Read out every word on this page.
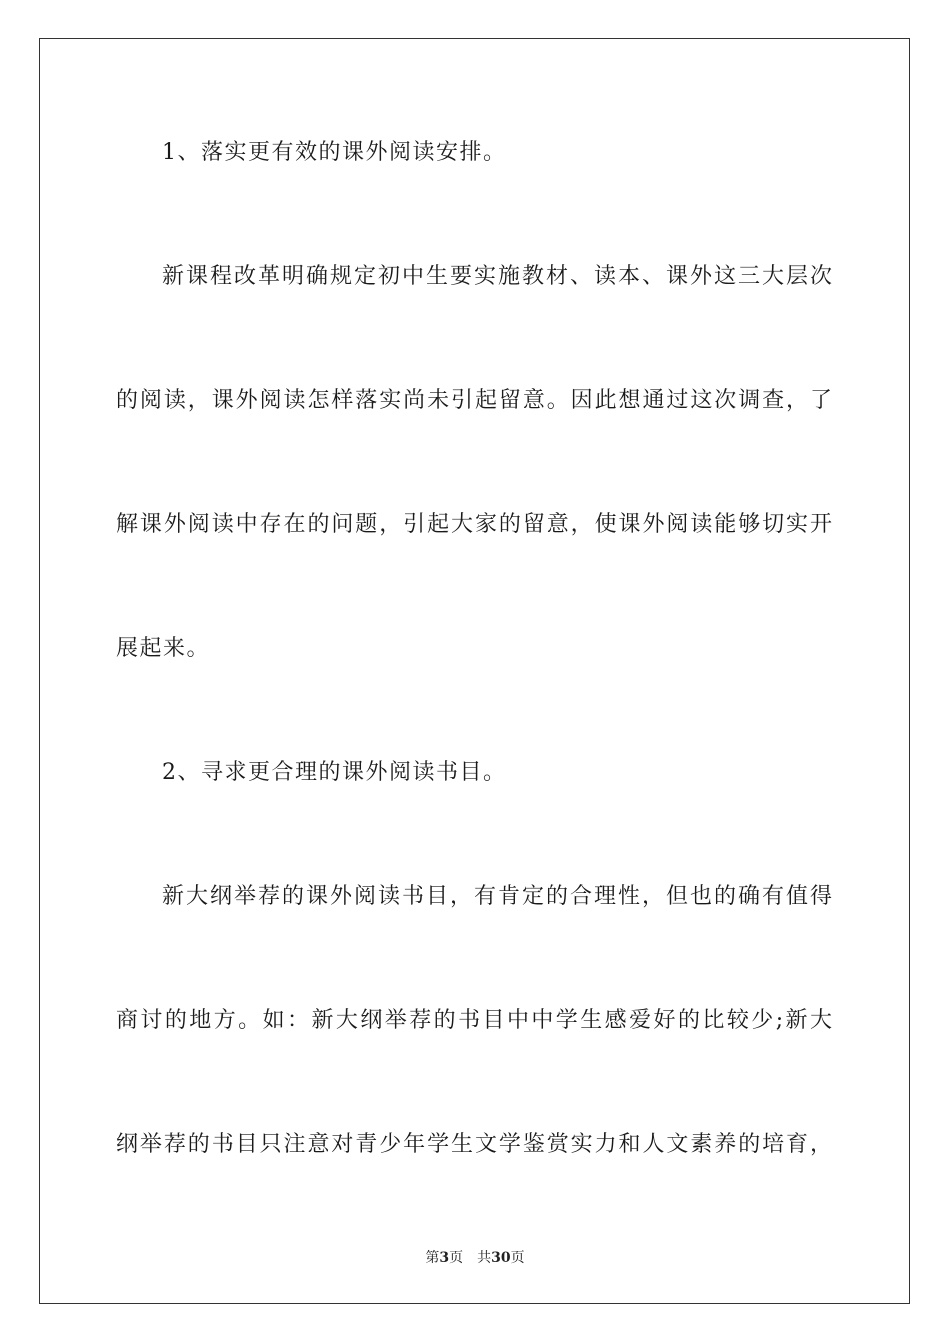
1、落实更有效的课外阅读安排。
新课程改革明确规定初中生要实施教材、读本、课外这三大层次
的阅读，课外阅读怎样落实尚未引起留意。因此想通过这次调查，了
解课外阅读中存在的问题，引起大家的留意，使课外阅读能够切实开
展起来。
2、寻求更合理的课外阅读书目。
新大纲举荐的课外阅读书目，有肯定的合理性，但也的确有值得
商讨的地方。如：新大纲举荐的书目中中学生感爱好的比较少;新大
纲举荐的书目只注意对青少年学生文学鉴赏实力和人文素养的培育，
第3页 共30页
